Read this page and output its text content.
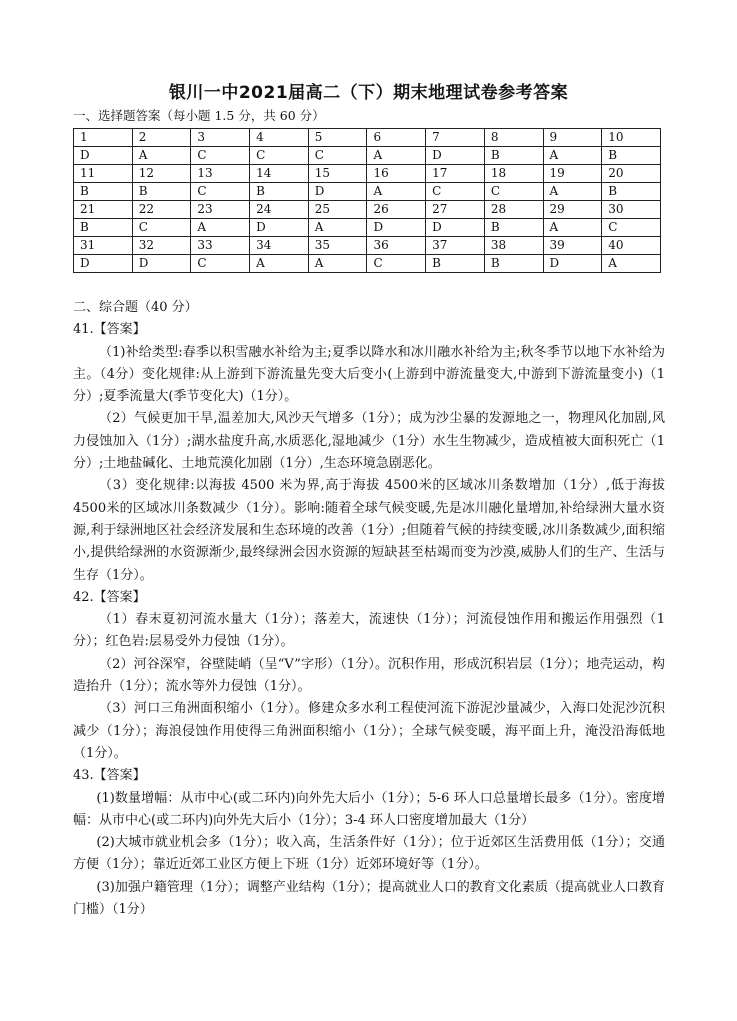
银川一中2021届高二（下）期末地理试卷参考答案
一、选择题答案（每小题 1.5 分，共 60 分）
1	2	3	4	5	6	7	8	9	10
D	A	C	C	C	A	D	B	A	B
11	12	13	14	15	16	17	18	19	20
B	B	C	B	D	A	C	C	A	B
21	22	23	24	25	26	27	28	29	30
B	C	A	D	A	D	D	B	A	C
31	32	33	34	35	36	37	38	39	40
D	D	C	A	A	C	B	B	D	A

二、综合题（40 分）

41.【答案】

（1)补给类型:春季以积雪融水补给为主;夏季以降水和冰川融水补给为主;秋冬季节以地下水补给为主。（4分）变化规律:从上游到下游流量先变大后变小(上游到中游流量变大,中游到下游流量变小)（1分）;夏季流量大(季节变化大)（1分）。

（2）气候更加干旱,温差加大,风沙天气增多（1分）；成为沙尘暴的发源地之一，物理风化加剧,风力侵蚀加入（1分）;湖水盐度升高,水质恶化,湿地减少（1分）水生生物减少，造成植被大面积死亡（1分）;土地盐碱化、土地荒漠化加剧（1分）,生态环境急剧恶化。

（3）变化规律:以海拔 4500 米为界,高于海拔 4500米的区域冰川条数增加（1分）,低于海拔 4500米的区域冰川条数减少（1分）。影响:随着全球气候变暖,先是冰川融化量增加,补给绿洲大量水资源,利于绿洲地区社会经济发展和生态环境的改善（1分）;但随着气候的持续变暖,冰川条数减少,面积缩小,提供给绿洲的水资源渐少,最终绿洲会因水资源的短缺甚至枯竭而变为沙漠,威胁人们的生产、生活与生存（1分）。

42.【答案】

（1）春末夏初河流水量大（1分）；落差大，流速快（1分）；河流侵蚀作用和搬运作用强烈（1分）；红色岩:层易受外力侵蚀（1分）。

（2）河谷深窄，谷壁陡峭（呈“V”字形）（1分）。沉积作用，形成沉积岩层（1分）；地壳运动，构造抬升（1分）；流水等外力侵蚀（1分）。

（3）河口三角洲面积缩小（1分）。修建众多水利工程使河流下游泥沙量减少，入海口处泥沙沉积减少（1分）；海浪侵蚀作用使得三角洲面积缩小（1分）；全球气候变暖，海平面上升，淹没沿海低地（1分）。

43.【答案】

(1)数量增幅：从市中心(或二环内)向外先大后小（1分）；5-6 环人口总量增长最多（1分）。密度增幅：从市中心(或二环内)向外先大后小（1分）；3-4 环人口密度增加最大（1分）

(2)大城市就业机会多（1分）；收入高，生活条件好（1分）；位于近郊区生活费用低（1分）；交通方便（1分）；靠近近郊工业区方便上下班（1分）近郊环境好等（1分）。

(3)加强户籍管理（1分）；调整产业结构（1分）；提高就业人口的教育文化素质（提高就业人口教育门槛）（1分）
